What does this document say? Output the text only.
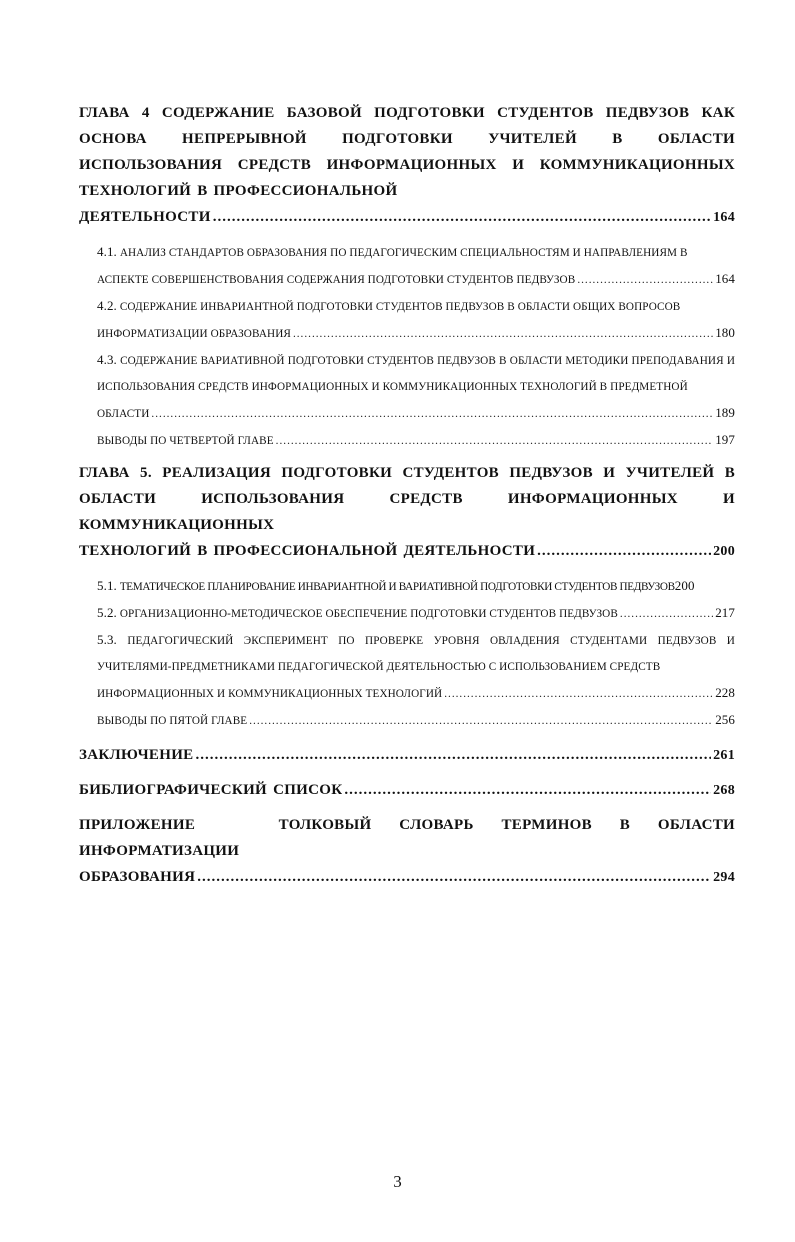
ГЛАВА 4 СОДЕРЖАНИЕ БАЗОВОЙ ПОДГОТОВКИ СТУДЕНТОВ ПЕДВУЗОВ КАК ОСНОВА НЕПРЕРЫВНОЙ ПОДГОТОВКИ УЧИТЕЛЕЙ В ОБЛАСТИ ИСПОЛЬЗОВАНИЯ СРЕДСТВ ИНФОРМАЦИОННЫХ И КОММУНИКАЦИОННЫХ ТЕХНОЛОГИЙ В ПРОФЕССИОНАЛЬНОЙ
ДЕЯТЕЛЬНОСТИ .....	164
4.1. АНАЛИЗ СТАНДАРТОВ ОБРАЗОВАНИЯ ПО ПЕДАГОГИЧЕСКИМ СПЕЦИАЛЬНОСТЯМ И НАПРАВЛЕНИЯМ В
АСПЕКТЕ СОВЕРШЕНСТВОВАНИЯ СОДЕРЖАНИЯ ПОДГОТОВКИ СТУДЕНТОВ ПЕДВУЗОВ .....	164
4.2. СОДЕРЖАНИЕ ИНВАРИАНТНОЙ ПОДГОТОВКИ СТУДЕНТОВ ПЕДВУЗОВ В ОБЛАСТИ ОБЩИХ ВОПРОСОВ
ИНФОРМАТИЗАЦИИ ОБРАЗОВАНИЯ .....	180
4.3. СОДЕРЖАНИЕ ВАРИАТИВНОЙ ПОДГОТОВКИ СТУДЕНТОВ ПЕДВУЗОВ В ОБЛАСТИ МЕТОДИКИ ПРЕПОДАВАНИЯ И ИСПОЛЬЗОВАНИЯ СРЕДСТВ ИНФОРМАЦИОННЫХ И КОММУНИКАЦИОННЫХ ТЕХНОЛОГИЙ В ПРЕДМЕТНОЙ
ОБЛАСТИ .....	189
ВЫВОДЫ ПО ЧЕТВЕРТОЙ ГЛАВЕ .....	197
ГЛАВА 5. РЕАЛИЗАЦИЯ ПОДГОТОВКИ СТУДЕНТОВ ПЕДВУЗОВ И УЧИТЕЛЕЙ В ОБЛАСТИ ИСПОЛЬЗОВАНИЯ СРЕДСТВ ИНФОРМАЦИОННЫХ И КОММУНИКАЦИОННЫХ
ТЕХНОЛОГИЙ В ПРОФЕССИОНАЛЬНОЙ ДЕЯТЕЛЬНОСТИ .....	200
5.1. ТЕМАТИЧЕСКОЕ ПЛАНИРОВАНИЕ ИНВАРИАНТНОЙ И ВАРИАТИВНОЙ ПОДГОТОВКИ СТУДЕНТОВ ПЕДВУЗОВ 200
5.2. ОРГАНИЗАЦИОННО-МЕТОДИЧЕСКОЕ ОБЕСПЕЧЕНИЕ ПОДГОТОВКИ СТУДЕНТОВ ПЕДВУЗОВ .....	217
5.3. ПЕДАГОГИЧЕСКИЙ ЭКСПЕРИМЕНТ ПО ПРОВЕРКЕ УРОВНЯ ОВЛАДЕНИЯ СТУДЕНТАМИ ПЕДВУЗОВ И УЧИТЕЛЯМИ-ПРЕДМЕТНИКАМИ ПЕДАГОГИЧЕСКОЙ ДЕЯТЕЛЬНОСТЬЮ С ИСПОЛЬЗОВАНИЕМ СРЕДСТВ
ИНФОРМАЦИОННЫХ И КОММУНИКАЦИОННЫХ ТЕХНОЛОГИЙ .....	228
ВЫВОДЫ ПО ПЯТОЙ ГЛАВЕ .....	256
ЗАКЛЮЧЕНИЕ .....	261
БИБЛИОГРАФИЧЕСКИЙ СПИСОК .....	268
ПРИЛОЖЕНИЕ   ТОЛКОВЫЙ СЛОВАРЬ ТЕРМИНОВ В ОБЛАСТИ ИНФОРМАТИЗАЦИИ
ОБРАЗОВАНИЯ .....	294
3
